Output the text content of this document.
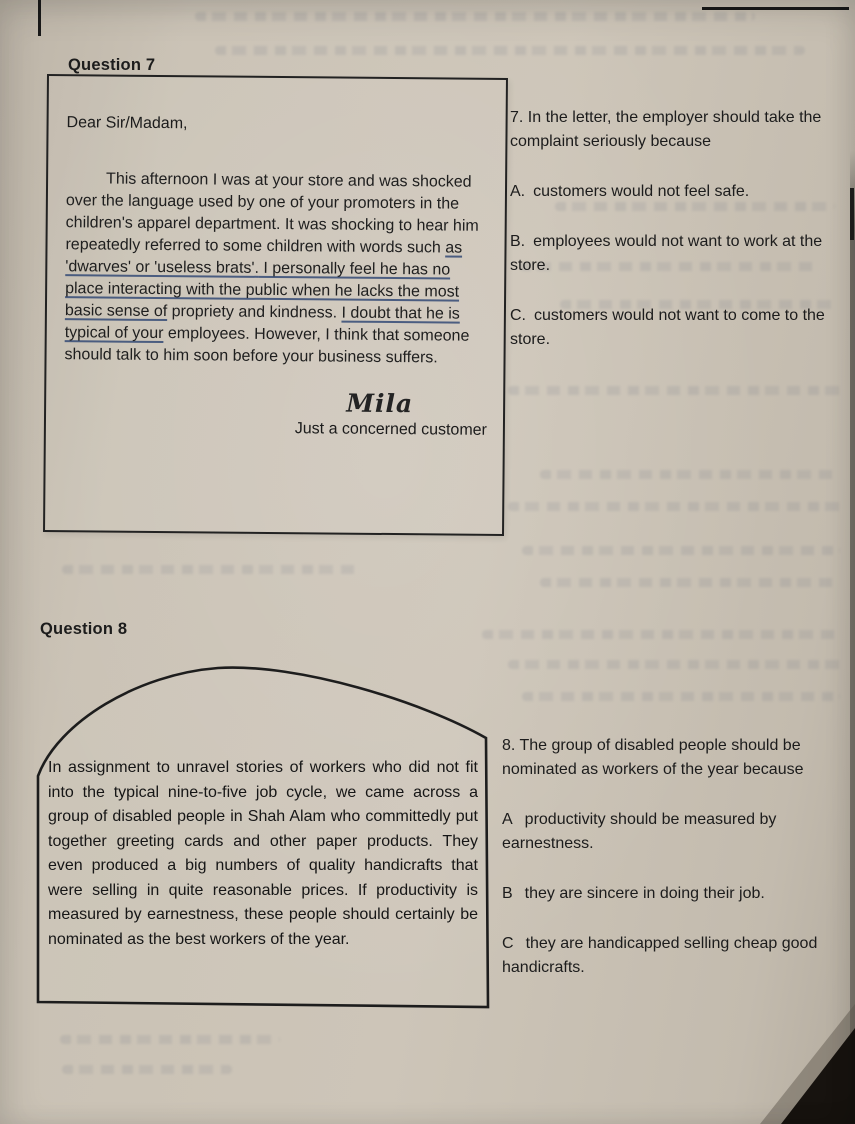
Question 7

Dear Sir/Madam,

This afternoon I was at your store and was shocked over the language used by one of your promoters in the children's apparel department. It was shocking to hear him repeatedly referred to some children with words such as 'dwarves' or 'useless brats'. I personally feel he has no place interacting with the public when he lacks the most basic sense of propriety and kindness. I doubt that he is typical of your employees. However, I think that someone should talk to him soon before your business suffers.

Mila

Just a concerned customer

7. In the letter, the employer should take the complaint seriously because

A. customers would not feel safe.

B. employees would not want to work at the store.

C. customers would not want to come to the store.

Question 8
In assignment to unravel stories of workers who did not fit into the typical nine-to-five job cycle, we came across a group of disabled people in Shah Alam who committedly put together greeting cards and other paper products. They even produced a big numbers of quality handicrafts that were selling in quite reasonable prices. If productivity is measured by earnestness, these people should certainly be nominated as the best workers of the year.

8. The group of disabled people should be nominated as workers of the year because

A productivity should be measured by earnestness.

B they are sincere in doing their job.

C they are handicapped selling cheap good handicrafts.
